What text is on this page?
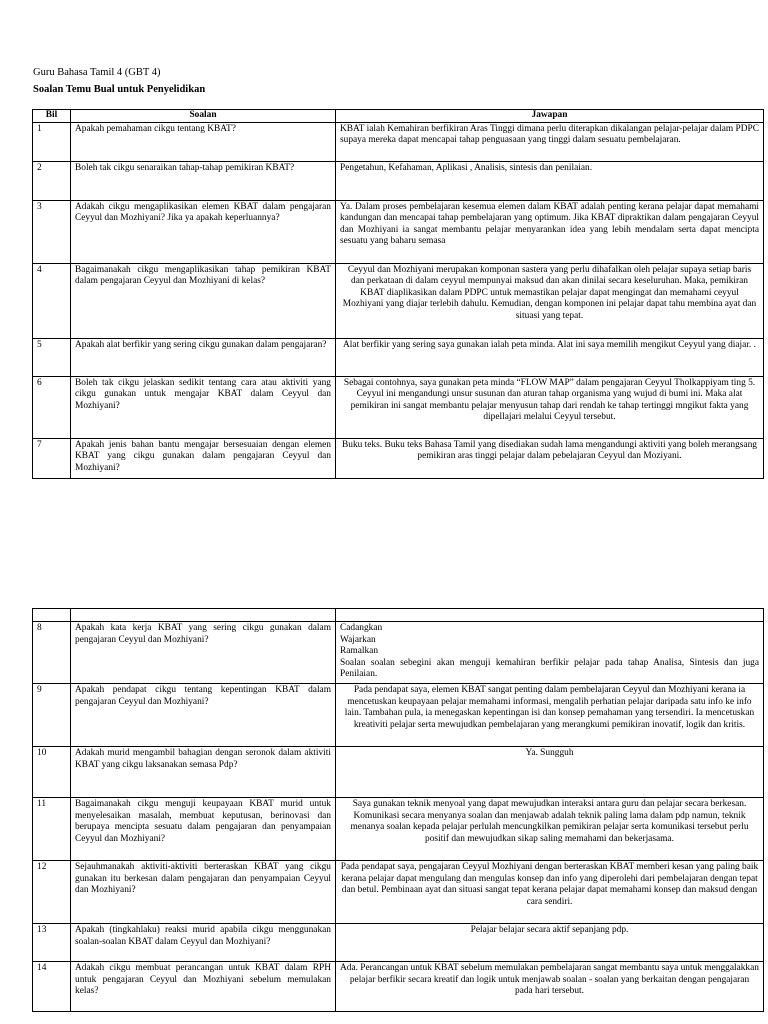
Guru Bahasa Tamil 4 (GBT 4)
Soalan Temu Bual untuk Penyelidikan
Bil	Soalan	Jawapan
1	Apakah pemahaman cikgu tentang KBAT?	KBAT ialah Kemahiran berfikiran Aras Tinggi dimana perlu diterapkan dikalangan pelajar-pelajar dalam PDPC supaya mereka dapat mencapai tahap penguasaan yang tinggi dalam sesuatu pembelajaran.
2	Boleh tak cikgu senaraikan tahap-tahap pemikiran KBAT?	Pengetahun, Kefahaman, Aplikasi , Analisis, sintesis dan penilaian.
3	Adakah cikgu mengaplikasikan elemen KBAT dalam pengajaran Ceyyul dan Mozhiyani? Jika ya apakah keperluannya?	Ya. Dalam proses pembelajaran kesemua elemen dalam KBAT adalah penting kerana pelajar dapat memahami kandungan dan mencapai tahap pembelajaran yang optimum. Jika KBAT dipraktikan dalam pengajaran Ceyyul dan Mozhiyani ia sangat membantu pelajar menyarankan idea yang lebih mendalam serta dapat mencipta sesuatu yang baharu semasa
4	Bagaimanakah cikgu mengaplikasikan tahap pemikiran KBAT dalam pengajaran Ceyyul dan Mozhiyani di kelas?	Ceyyul dan Mozhiyani merupakan komponan sastera yang perlu dihafalkan oleh pelajar supaya setiap baris dan perkataan di dalam ceyyul mempunyai maksud dan akan dinilai secara keseluruhan. Maka, pemikiran KBAT diaplikasikan dalam PDPC untuk memastikan pelajar dapat mengingat dan memahami ceyyul Mozhiyani yang diajar terlebih dahulu. Kemudian, dengan komponen ini pelajar dapat tahu membina ayat dan situasi yang tepat.
5	Apakah alat berfikir yang sering cikgu gunakan dalam pengajaran?	Alat berfikir yang sering saya gunakan ialah peta minda. Alat ini saya memilih mengikut Ceyyul yang diajar. .
6	Boleh tak cikgu jelaskan sedikit tentang cara atau aktiviti yang cikgu gunakan untuk mengajar KBAT dalam Ceyyul dan Mozhiyani?	Sebagai contohnya, saya gunakan peta minda “FLOW MAP” dalam pengajaran Ceyyul Tholkappiyam ting 5. Ceyyul ini mengandungi unsur susunan dan aturan tahap organisma yang wujud di bumi ini. Maka alat pemikiran ini sangat membantu pelajar menyusun tahap dari rendah ke tahap tertinggi mngikut fakta yang dipellajari melalui Ceyyul tersebut.
7	Apakah jenis bahan bantu mengajar bersesuaian dengan elemen KBAT yang cikgu gunakan dalam pengajaran Ceyyul dan Mozhiyani?	Buku teks. Buku teks Bahasa Tamil yang disediakan sudah lama mengandungi aktiviti yang boleh merangsang pemikiran aras tinggi pelajar dalam pebelajaran Ceyyul dan Moziyani.

8	Apakah kata kerja KBAT yang sering cikgu gunakan dalam pengajaran Ceyyul dan Mozhiyani?	Cadangkan
Wajarkan
Ramalkan
Soalan soalan sebegini akan menguji kemahiran berfikir pelajar pada tahap Analisa, Sintesis dan juga Penilaian.

9	Apakah pendapat cikgu tentang kepentingan KBAT dalam pengajaran Ceyyul dan Mozhiyani?	Pada pendapat saya, elemen KBAT sangat penting dalam pembelajaran Ceyyul dan Mozhiyani kerana ia mencetuskan keupayaan pelajar memahami informasi, mengalih perhatian pelajar daripada satu info ke info lain. Tambahan pula, ia menegaskan kepentingan isi dan konsep pemahaman yang tersendiri. Ia mencetuskan kreativiti pelajar serta mewujudkan pembelajaran yang merangkumi pemikiran inovatif, logik dan kritis.
10	Adakah murid mengambil bahagian dengan seronok dalam aktiviti KBAT yang cikgu laksanakan semasa Pdp?	Ya. Sungguh
11	Bagaimanakah cikgu menguji keupayaan KBAT murid untuk menyelesaikan masalah, membuat keputusan, berinovasi dan berupaya mencipta sesuatu dalam pengajaran dan penyampaian Ceyyul dan Mozhiyani?	Saya gunakan teknik menyoal yang dapat mewujudkan interaksi antara guru dan pelajar secara berkesan. Komunikasi secara menyanya soalan dan menjawab adalah teknik paling lama dalam pdp namun, teknik menanya soalan kepada pelajar perlulah mencungkilkan pemikiran pelajar serta komunikasi tersebut perlu positif dan mewujudkan sikap saling memahami dan bekerjasama.
12	Sejauhmanakah aktiviti-aktiviti berteraskan KBAT yang cikgu gunakan itu berkesan dalam pengajaran dan penyampaian Ceyyul dan Mozhiyani?	Pada pendapat saya, pengajaran Ceyyul Mozhiyani dengan berteraskan KBAT memberi kesan yang paling baik kerana pelajar dapat mengulang dan mengulas konsep dan info yang diperolehi dari pembelajaran dengan tepat dan betul. Pembinaan ayat dan situasi sangat tepat kerana pelajar dapat memahami konsep dan maksud dengan cara sendiri.
13	Apakah (tingkahlaku) reaksi murid apabila cikgu menggunakan soalan-soalan KBAT dalam Ceyyul dan Mozhiyani?	Pelajar belajar secara aktif sepanjang pdp.
14	Adakah cikgu membuat perancangan untuk KBAT dalam RPH untuk pengajaran Ceyyul dan Mozhiyani sebelum memulakan kelas?	Ada. Perancangan untuk KBAT sebelum memulakan pembelajaran sangat membantu saya untuk menggalakkan pelajar berfikir secara kreatif dan logik untuk menjawab soalan - soalan yang berkaitan dengan pengajaran pada hari tersebut.
